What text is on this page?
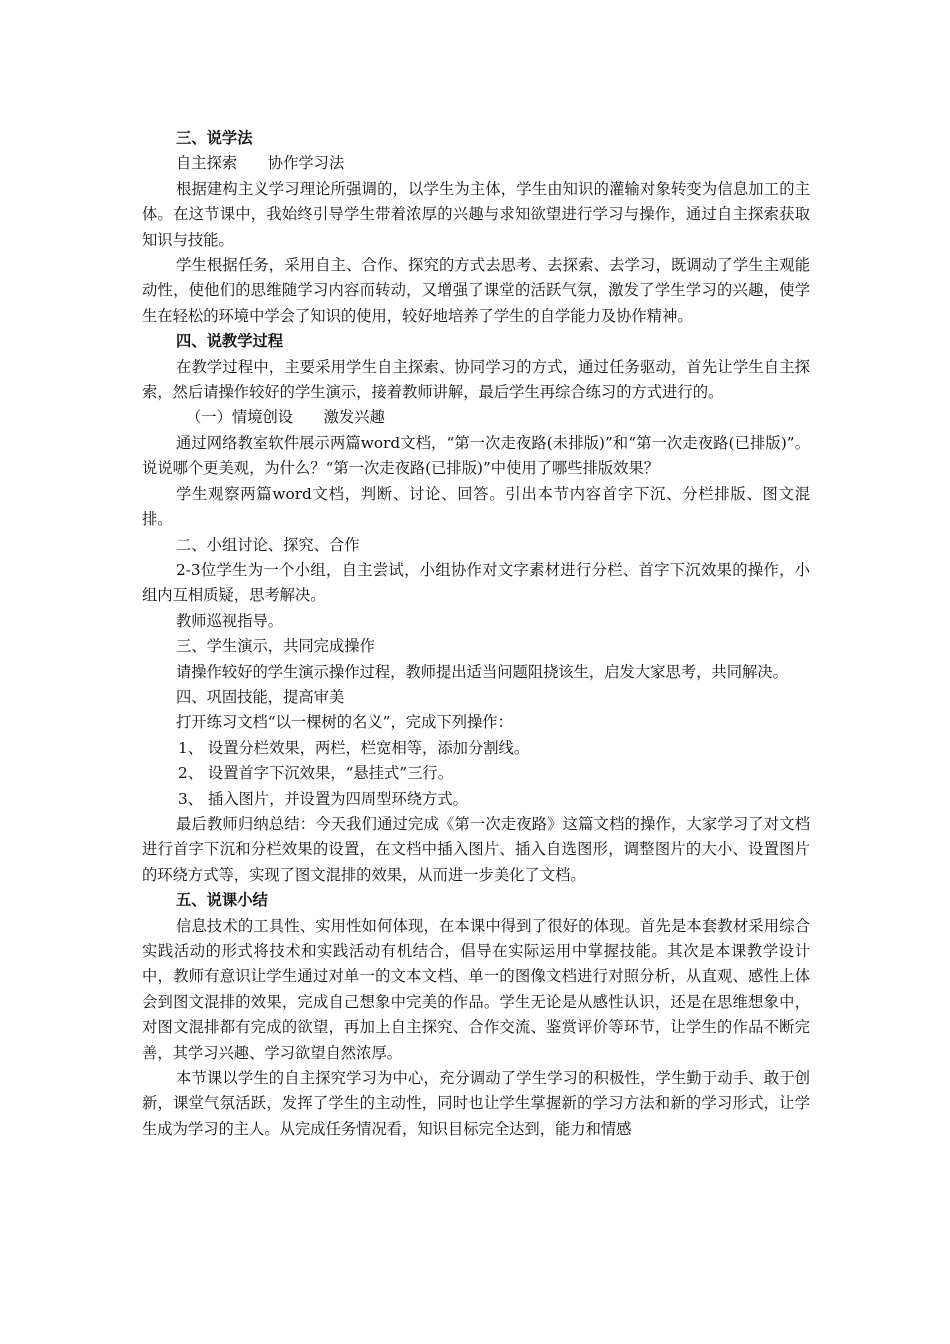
三、说学法

自主探索　　协作学习法

根据建构主义学习理论所强调的，以学生为主体，学生由知识的灌输对象转变为信息加工的主体。在这节课中，我始终引导学生带着浓厚的兴趣与求知欲望进行学习与操作，通过自主探索获取知识与技能。

学生根据任务，采用自主、合作、探究的方式去思考、去探索、去学习，既调动了学生主观能动性，使他们的思维随学习内容而转动，又增强了课堂的活跃气氛，激发了学生学习的兴趣，使学生在轻松的环境中学会了知识的使用，较好地培养了学生的自学能力及协作精神。

四、说教学过程

在教学过程中，主要采用学生自主探索、协同学习的方式，通过任务驱动，首先让学生自主探索，然后请操作较好的学生演示，接着教师讲解，最后学生再综合练习的方式进行的。

（一）情境创设　　激发兴趣

通过网络教室软件展示两篇word文档，“第一次走夜路(未排版)”和“第一次走夜路(已排版)”。说说哪个更美观，为什么？“第一次走夜路(已排版)”中使用了哪些排版效果？

学生观察两篇word文档，判断、讨论、回答。引出本节内容首字下沉、分栏排版、图文混排。

二、小组讨论、探究、合作

2-3位学生为一个小组，自主尝试，小组协作对文字素材进行分栏、首字下沉效果的操作，小组内互相质疑，思考解决。

教师巡视指导。

三、学生演示，共同完成操作

请操作较好的学生演示操作过程，教师提出适当问题阻挠该生，启发大家思考，共同解决。

四、巩固技能，提高审美

打开练习文档“以一棵树的名义”，完成下列操作：

1、 设置分栏效果，两栏，栏宽相等，添加分割线。

2、 设置首字下沉效果，“悬挂式”三行。

3、 插入图片，并设置为四周型环绕方式。

最后教师归纳总结：今天我们通过完成《第一次走夜路》这篇文档的操作，大家学习了对文档进行首字下沉和分栏效果的设置，在文档中插入图片、插入自选图形，调整图片的大小、设置图片的环绕方式等，实现了图文混排的效果，从而进一步美化了文档。

五、说课小结

信息技术的工具性、实用性如何体现，在本课中得到了很好的体现。首先是本套教材采用综合实践活动的形式将技术和实践活动有机结合，倡导在实际运用中掌握技能。其次是本课教学设计中，教师有意识让学生通过对单一的文本文档、单一的图像文档进行对照分析，从直观、感性上体会到图文混排的效果，完成自己想象中完美的作品。学生无论是从感性认识，还是在思维想象中，对图文混排都有完成的欲望，再加上自主探究、合作交流、鉴赏评价等环节，让学生的作品不断完善，其学习兴趣、学习欲望自然浓厚。

本节课以学生的自主探究学习为中心，充分调动了学生学习的积极性，学生勤于动手、敢于创新，课堂气氛活跃，发挥了学生的主动性，同时也让学生掌握新的学习方法和新的学习形式，让学生成为学习的主人。从完成任务情况看，知识目标完全达到，能力和情感
